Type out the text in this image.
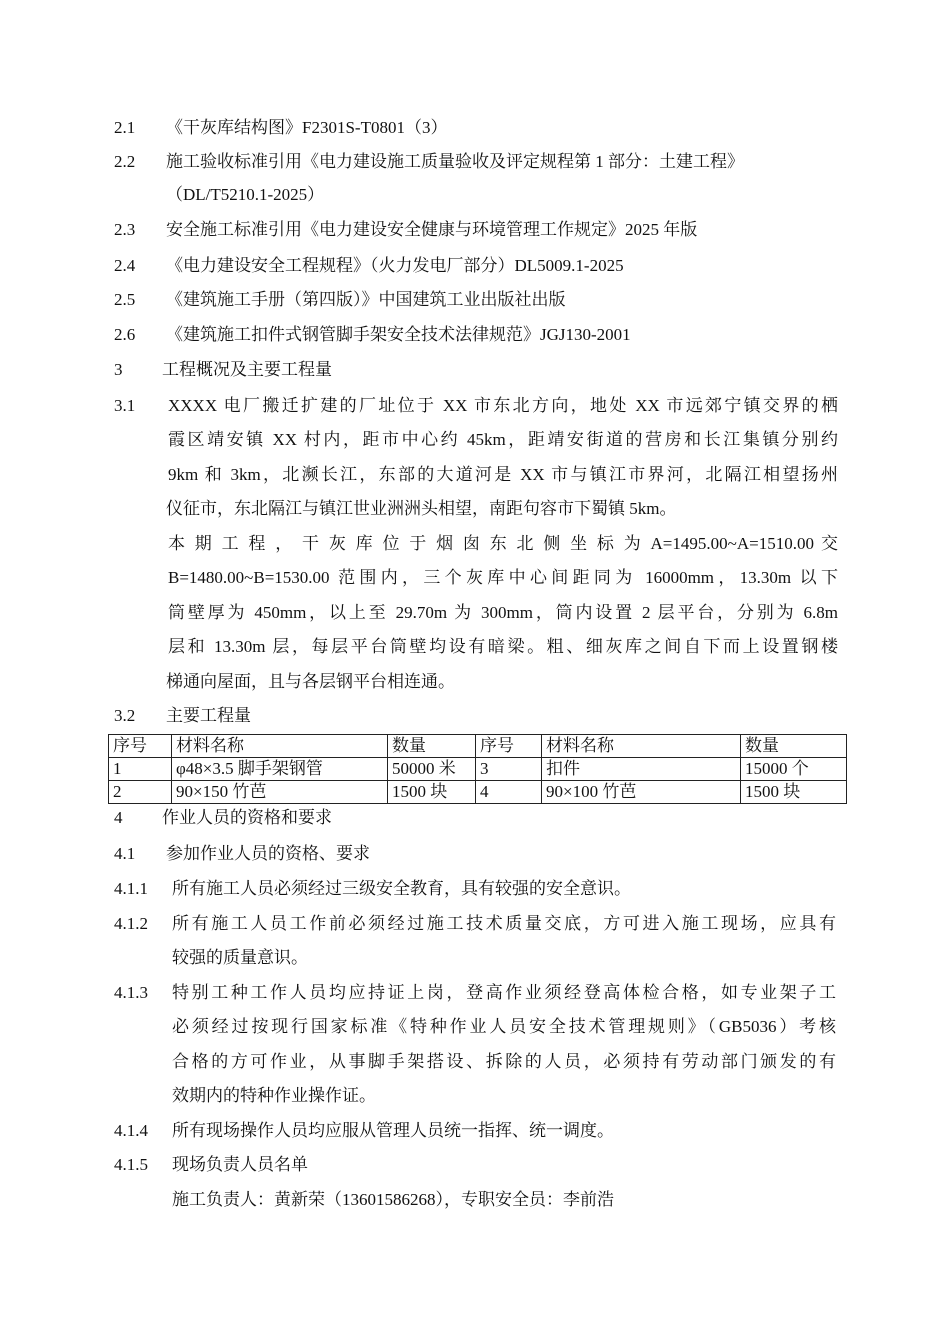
2.1 《干灰库结构图》F2301S-T0801（3）
2.2 施工验收标准引用《电力建设施工质量验收及评定规程第 1 部分：土建工程》
（DL/T5210.1-2025）
2.3 安全施工标准引用《电力建设安全健康与环境管理工作规定》2025 年版
2.4 《电力建设安全工程规程》（火力发电厂部分）DL5009.1-2025
2.5 《建筑施工手册（第四版）》中国建筑工业出版社出版
2.6 《建筑施工扣件式钢管脚手架安全技术法律规范》JGJ130-2001
3 工程概况及主要工程量
3.1 XXXX 电厂搬迁扩建的厂址位于 XX 市东北方向，地处 XX 市远郊宁镇交界的栖
霞区靖安镇 XX 村内，距市中心约 45km，距靖安街道的营房和长江集镇分别约
9km 和 3km，北濒长江，东部的大道河是 XX 市与镇江市界河，北隔江相望扬州
仪征市，东北隔江与镇江世业洲洲头相望，南距句容市下蜀镇 5km。
本 期 工 程 ， 干 灰 库 位 于 烟 囱 东 北 侧 坐 标 为 A=1495.00~A=1510.00 交
B=1480.00~B=1530.00 范围内，三个灰库中心间距同为 16000mm，13.30m 以下
筒壁厚为 450mm，以上至 29.70m 为 300mm，筒内设置 2 层平台，分别为 6.8m
层和 13.30m 层，每层平台筒壁均设有暗梁。粗、细灰库之间自下而上设置钢楼
梯通向屋面，且与各层钢平台相连通。
3.2 主要工程量
序号	材料名称	数量	序号	材料名称	数量
1	φ48×3.5 脚手架钢管	50000 米	3	扣件	15000 个
2	90×150 竹芭	1500 块	4	90×100 竹芭	1500 块
4 作业人员的资格和要求
4.1 参加作业人员的资格、要求
4.1.1 所有施工人员必须经过三级安全教育，具有较强的安全意识。
4.1.2 所有施工人员工作前必须经过施工技术质量交底，方可进入施工现场，应具有
较强的质量意识。
4.1.3 特别工种工作人员均应持证上岗，登高作业须经登高体检合格，如专业架子工
必须经过按现行国家标准《特种作业人员安全技术管理规则》（GB5036）考核
合格的方可作业，从事脚手架搭设、拆除的人员，必须持有劳动部门颁发的有
效期内的特种作业操作证。
4.1.4 所有现场操作人员均应服从管理人员统一指挥、统一调度。
4.1.5 现场负责人员名单
施工负责人：黄新荣（13601586268），专职安全员：李前浩
